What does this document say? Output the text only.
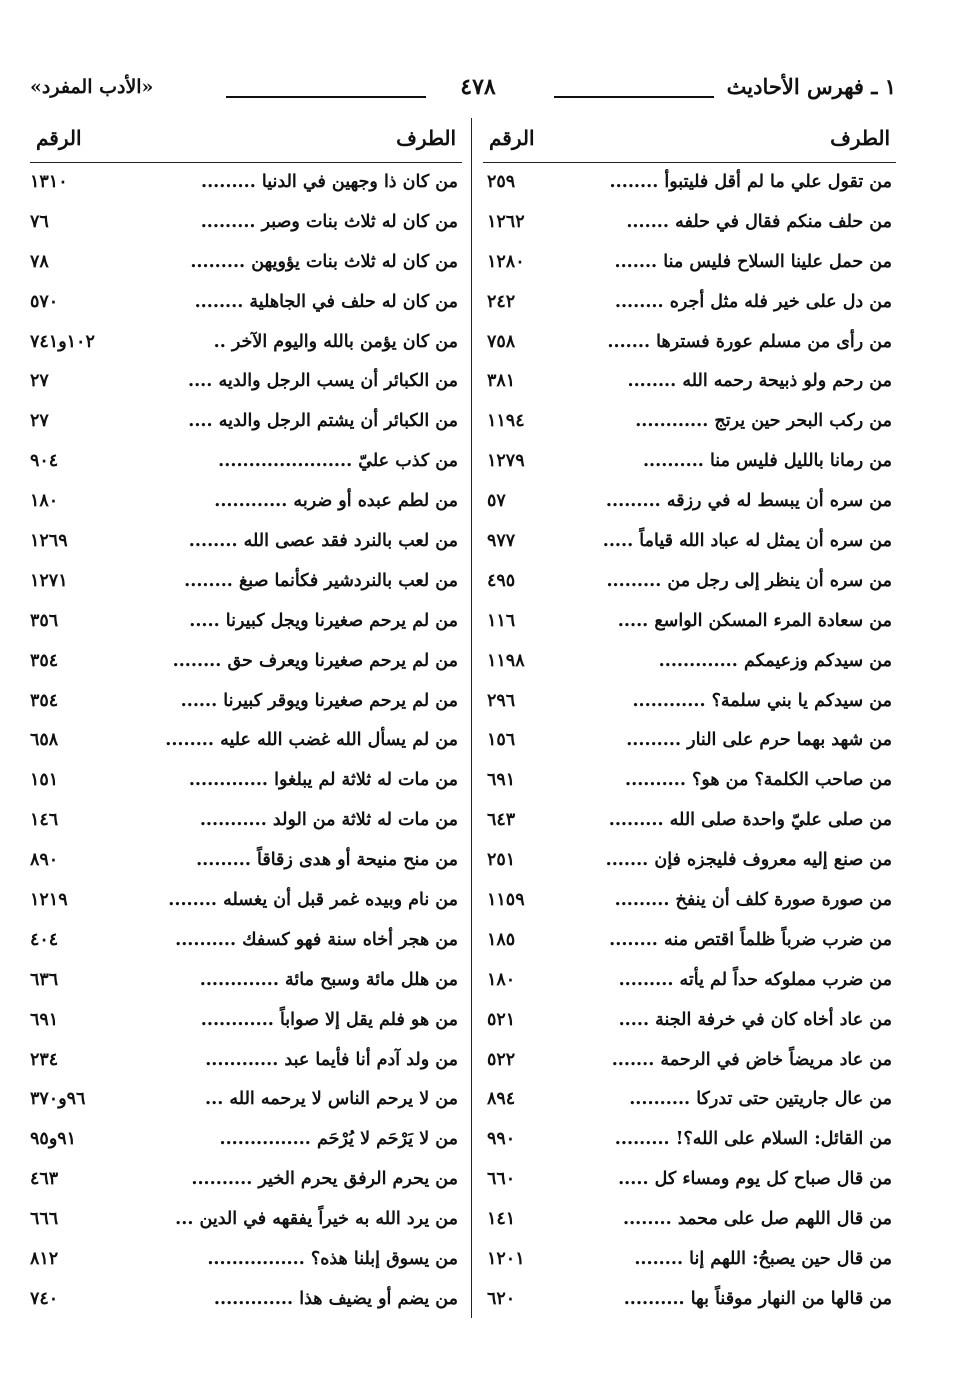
١ ـ فهرس الأحاديث
٤٧٨
«الأدب المفرد»
الطرف
الرقم
من تقول علي ما لم أقل فليتبوأ ........
٢٥٩
من حلف منكم فقال في حلفه .......
١٢٦٢
من حمل علينا السلاح فليس منا .......
١٢٨٠
من دل على خير فله مثل أجره ........
٢٤٢
من رأى من مسلم عورة فسترها .......
٧٥٨
من رحم ولو ذبيحة رحمه الله ........
٣٨١
من ركب البحر حين يرتج ............
١١٩٤
من رمانا بالليل فليس منا ..........
١٢٧٩
من سره أن يبسط له في رزقه .........
٥٧
من سره أن يمثل له عباد الله قياماً .....
٩٧٧
من سره أن ينظر إلى رجل من .........
٤٩٥
من سعادة المرء المسكن الواسع .....
١١٦
من سيدكم وزعيمكم .............
١١٩٨
من سيدكم يا بني سلمة؟ ............
٢٩٦
من شهد بهما حرم على النار .........
١٥٦
من صاحب الكلمة؟ من هو؟ ..........
٦٩١
من صلى عليّ واحدة صلى الله .........
٦٤٣
من صنع إليه معروف فليجزه فإن .......
٢٥١
من صورة صورة كلف أن ينفخ .........
١١٥٩
من ضرب ضرباً ظلماً اقتص منه ........
١٨٥
من ضرب مملوكه حداً لم يأته .........
١٨٠
من عاد أخاه كان في خرفة الجنة .....
٥٢١
من عاد مريضاً خاض في الرحمة .......
٥٢٢
من عال جاريتين حتى تدركا ..........
٨٩٤
من القائل: السلام على الله؟! .........
٩٩٠
من قال صباح كل يوم ومساء كل .....
٦٦٠
من قال اللهم صل على محمد ........
١٤١
من قال حين يصبحُ: اللهم إنا ........
١٢٠١
من قالها من النهار موقناً بها ..........
٦٢٠
الطرف
الرقم
من كان ذا وجهين في الدنيا .........
١٣١٠
من كان له ثلاث بنات وصبر .........
٧٦
من كان له ثلاث بنات يؤويهن .........
٧٨
من كان له حلف في الجاهلية ........
٥٧٠
من كان يؤمن بالله واليوم الآخر ..
١٠٢و٧٤١
من الكبائر أن يسب الرجل والديه ....
٢٧
من الكبائر أن يشتم الرجل والديه ....
٢٧
من كذب عليّ ......................
٩٠٤
من لطم عبده أو ضربه ............
١٨٠
من لعب بالنرد فقد عصى الله ........
١٢٦٩
من لعب بالنردشير فكأنما صبغ ........
١٢٧١
من لم يرحم صغيرنا ويجل كبيرنا .....
٣٥٦
من لم يرحم صغيرنا ويعرف حق ........
٣٥٤
من لم يرحم صغيرنا ويوقر كبيرنا ......
٣٥٤
من لم يسأل الله غضب الله عليه ........
٦٥٨
من مات له ثلاثة لم يبلغوا .............
١٥١
من مات له ثلاثة من الولد ...........
١٤٦
من منح منيحة أو هدى زقاقاً .........
٨٩٠
من نام وبيده غمر قبل أن يغسله ........
١٢١٩
من هجر أخاه سنة فهو كسفك ..........
٤٠٤
من هلل مائة وسبح مائة .............
٦٣٦
من هو فلم يقل إلا صواباً ............
٦٩١
من ولد آدم أنا فأيما عبد ............
٢٣٤
من لا يرحم الناس لا يرحمه الله ...
٩٦و٣٧٠
من لا يَرْحَم لا يُرْحَم ...............
٩١و٩٥
من يحرم الرفق يحرم الخير ..........
٤٦٣
من يرد الله به خيراً يفقهه في الدين ...
٦٦٦
من يسوق إبلنا هذه؟ ................
٨١٢
من يضم أو يضيف هذا .............
٧٤٠
